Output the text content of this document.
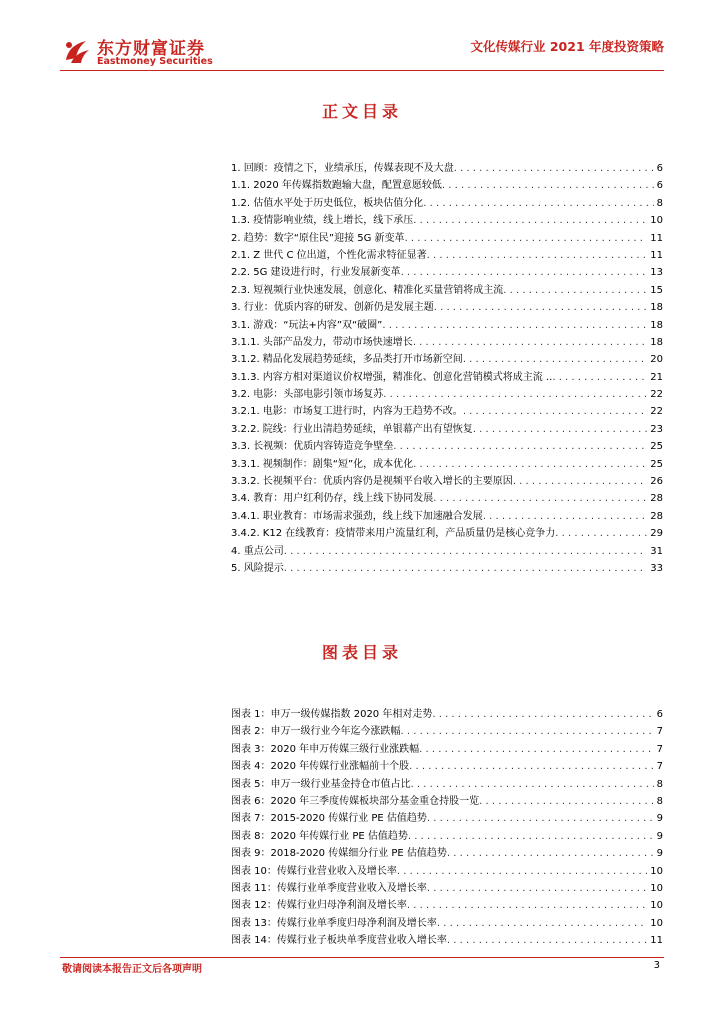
东方财富证券
Eastmoney Securities
文化传媒行业 2021 年度投资策略
正文目录
1. 回顾：疫情之下，业绩承压，传媒表现不及大盘 . . .	6
1.1. 2020 年传媒指数跑输大盘，配置意愿较低 . . .	6
1.2. 估值水平处于历史低位，板块估值分化 . . .	8
1.3. 疫情影响业绩，线上增长，线下承压 . . .	10
2. 趋势：数字“原住民”迎接 5G 新变革 . . .	11
2.1. Z 世代 C 位出道，个性化需求特征显著 . . .	11
2.2. 5G 建设进行时，行业发展新变革 . . .	13
2.3. 短视频行业快速发展，创意化、精准化买量营销将成主流 . . .	15
3. 行业：优质内容的研发、创新仍是发展主题 . . .	18
3.1. 游戏：“玩法+内容”双“破圈” . . .	18
3.1.1. 头部产品发力，带动市场快速增长 . . .	18
3.1.2. 精品化发展趋势延续，多品类打开市场新空间 . . .	20
3.1.3. 内容方相对渠道议价权增强，精准化、创意化营销模式将成主流 .. . . .	21
3.2. 电影：头部电影引领市场复苏 . . .	22
3.2.1. 电影：市场复工进行时，内容为王趋势不改。 . . .	22
3.2.2. 院线：行业出清趋势延续，单银幕产出有望恢复 . . .	23
3.3. 长视频：优质内容铸造竞争壁垒 . . .	25
3.3.1. 视频制作：剧集“短”化，成本优化 . . .	25
3.3.2. 长视频平台：优质内容仍是视频平台收入增长的主要原因 . . .	26
3.4. 教育：用户红利仍存，线上线下协同发展 . . .	28
3.4.1. 职业教育：市场需求强劲，线上线下加速融合发展 . . .	28
3.4.2. K12 在线教育：疫情带来用户流量红利，产品质量仍是核心竞争力 . . .	29
4. 重点公司 . . .	31
5. 风险提示 . . .	33
图表目录
图表 1：申万一级传媒指数 2020 年相对走势 . . .	6
图表 2：申万一级行业今年迄今涨跌幅 . . .	7
图表 3：2020 年申万传媒三级行业涨跌幅 . . .	7
图表 4：2020 年传媒行业涨幅前十个股 . . .	7
图表 5：申万一级行业基金持仓市值占比 . . .	8
图表 6：2020 年三季度传媒板块部分基金重仓持股一览 . . .	8
图表 7：2015-2020 传媒行业 PE 估值趋势 . . .	9
图表 8：2020 年传媒行业 PE 估值趋势 . . .	9
图表 9：2018-2020 传媒细分行业 PE 估值趋势 . . .	9
图表 10：传媒行业营业收入及增长率 . . .	10
图表 11：传媒行业单季度营业收入及增长率 . . .	10
图表 12：传媒行业归母净利润及增长率 . . .	10
图表 13：传媒行业单季度归母净利润及增长率 . . .	10
图表 14：传媒行业子板块单季度营业收入增长率 . . .	11
敬请阅读本报告正文后各项声明	3
